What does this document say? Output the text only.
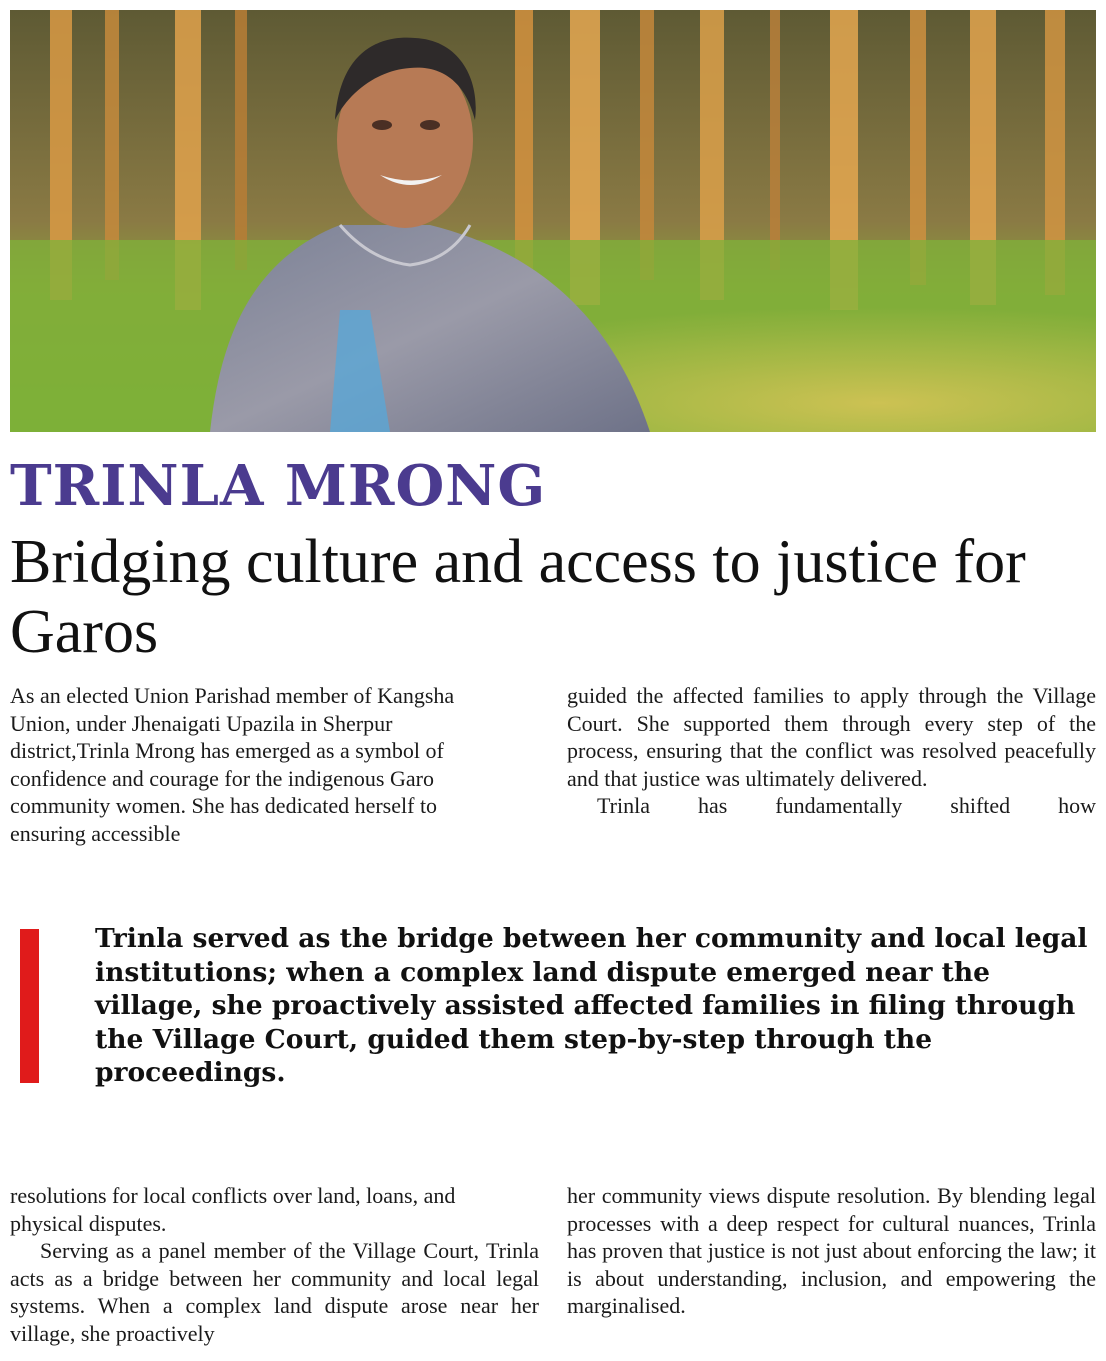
TRINLA MRONG
Bridging culture and access to justice for Garos

As an elected Union Parishad member of Kangsha Union, under Jhenaigati Upazila in Sherpur district,Trinla Mrong has emerged as a symbol of confidence and courage for the indigenous Garo community women. She has dedicated herself to ensuring accessible

guided the affected families to apply through the Village Court. She supported them through every step of the process, ensuring that the conflict was resolved peacefully and that justice was ultimately delivered.

Trinla has fundamentally shifted how

Trinla served as the bridge between her community and local legal institutions; when a complex land dispute emerged near the village, she proactively assisted affected families in filing through the Village Court, guided them step-by-step through the proceedings.

resolutions for local conflicts over land, loans, and physical disputes.

Serving as a panel member of the Village Court, Trinla acts as a bridge between her community and local legal systems. When a complex land dispute arose near her village, she proactively

her community views dispute resolution. By blending legal processes with a deep respect for cultural nuances, Trinla has proven that justice is not just about enforcing the law; it is about understanding, inclusion, and empowering the marginalised.
